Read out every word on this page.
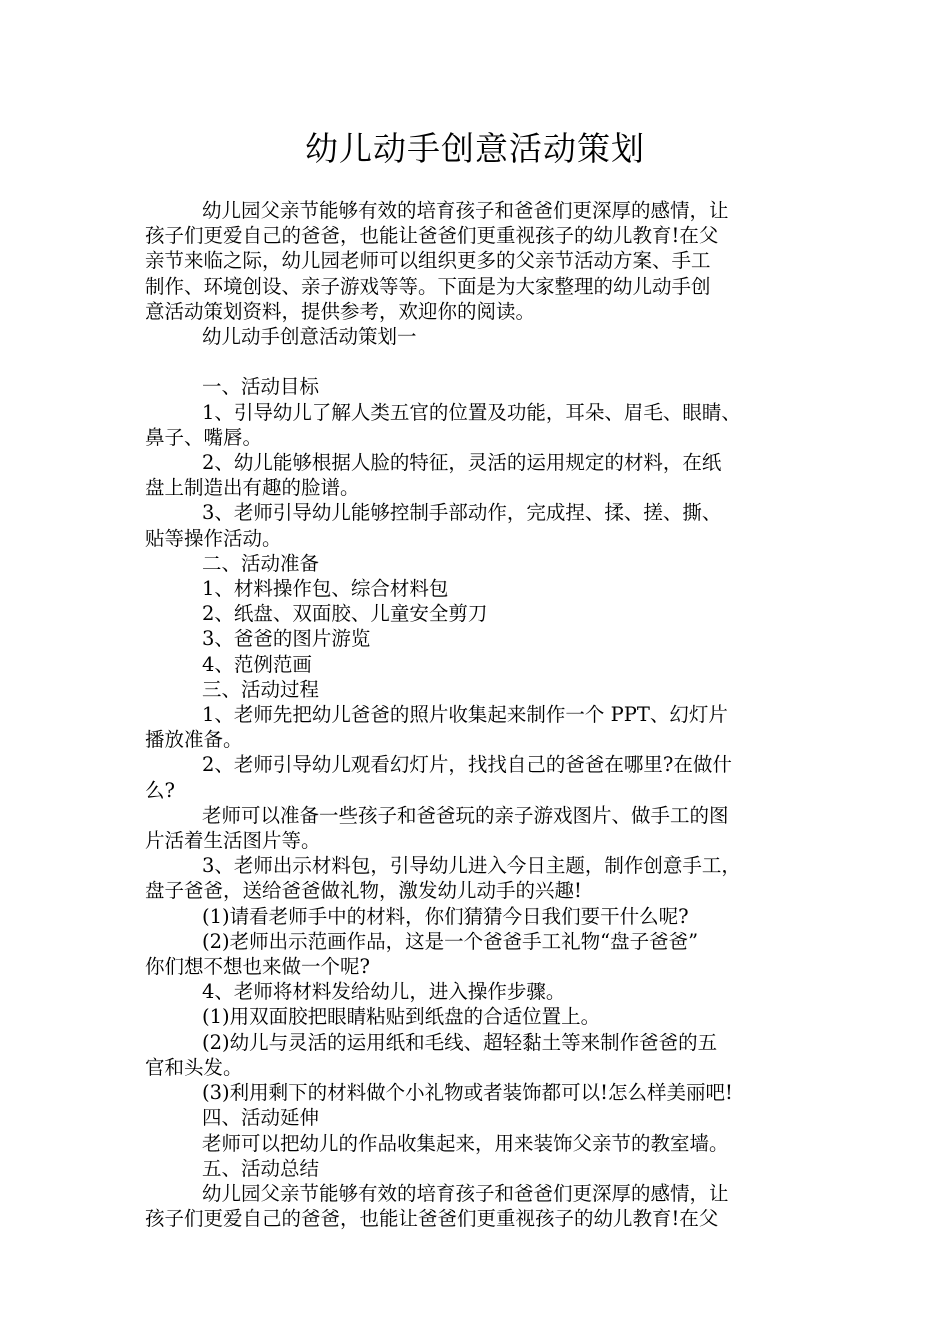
幼儿动手创意活动策划

幼儿园父亲节能够有效的培育孩子和爸爸们更深厚的感情，让

孩子们更爱自己的爸爸，也能让爸爸们更重视孩子的幼儿教育!在父

亲节来临之际，幼儿园老师可以组织更多的父亲节活动方案、手工

制作、环境创设、亲子游戏等等。下面是为大家整理的幼儿动手创

意活动策划资料，提供参考，欢迎你的阅读。

幼儿动手创意活动策划一

一、活动目标

1、引导幼儿了解人类五官的位置及功能，耳朵、眉毛、眼睛、

鼻子、嘴唇。

2、幼儿能够根据人脸的特征，灵活的运用规定的材料，在纸

盘上制造出有趣的脸谱。

3、老师引导幼儿能够控制手部动作，完成捏、揉、搓、撕、

贴等操作活动。

二、活动准备

1、材料操作包、综合材料包

2、纸盘、双面胶、儿童安全剪刀

3、爸爸的图片游览

4、范例范画

三、活动过程

1、老师先把幼儿爸爸的照片收集起来制作一个 PPT、幻灯片

播放准备。

2、老师引导幼儿观看幻灯片，找找自己的爸爸在哪里?在做什

么?

老师可以准备一些孩子和爸爸玩的亲子游戏图片、做手工的图

片活着生活图片等。

3、老师出示材料包，引导幼儿进入今日主题，制作创意手工，

盘子爸爸，送给爸爸做礼物，激发幼儿动手的兴趣!

(1)请看老师手中的材料，你们猜猜今日我们要干什么呢?

(2)老师出示范画作品，这是一个爸爸手工礼物“盘子爸爸”

你们想不想也来做一个呢?

4、老师将材料发给幼儿，进入操作步骤。

(1)用双面胶把眼睛粘贴到纸盘的合适位置上。

(2)幼儿与灵活的运用纸和毛线、超轻黏土等来制作爸爸的五

官和头发。

(3)利用剩下的材料做个小礼物或者装饰都可以!怎么样美丽吧!

四、活动延伸

老师可以把幼儿的作品收集起来，用来装饰父亲节的教室墙。

五、活动总结

幼儿园父亲节能够有效的培育孩子和爸爸们更深厚的感情，让

孩子们更爱自己的爸爸，也能让爸爸们更重视孩子的幼儿教育!在父
